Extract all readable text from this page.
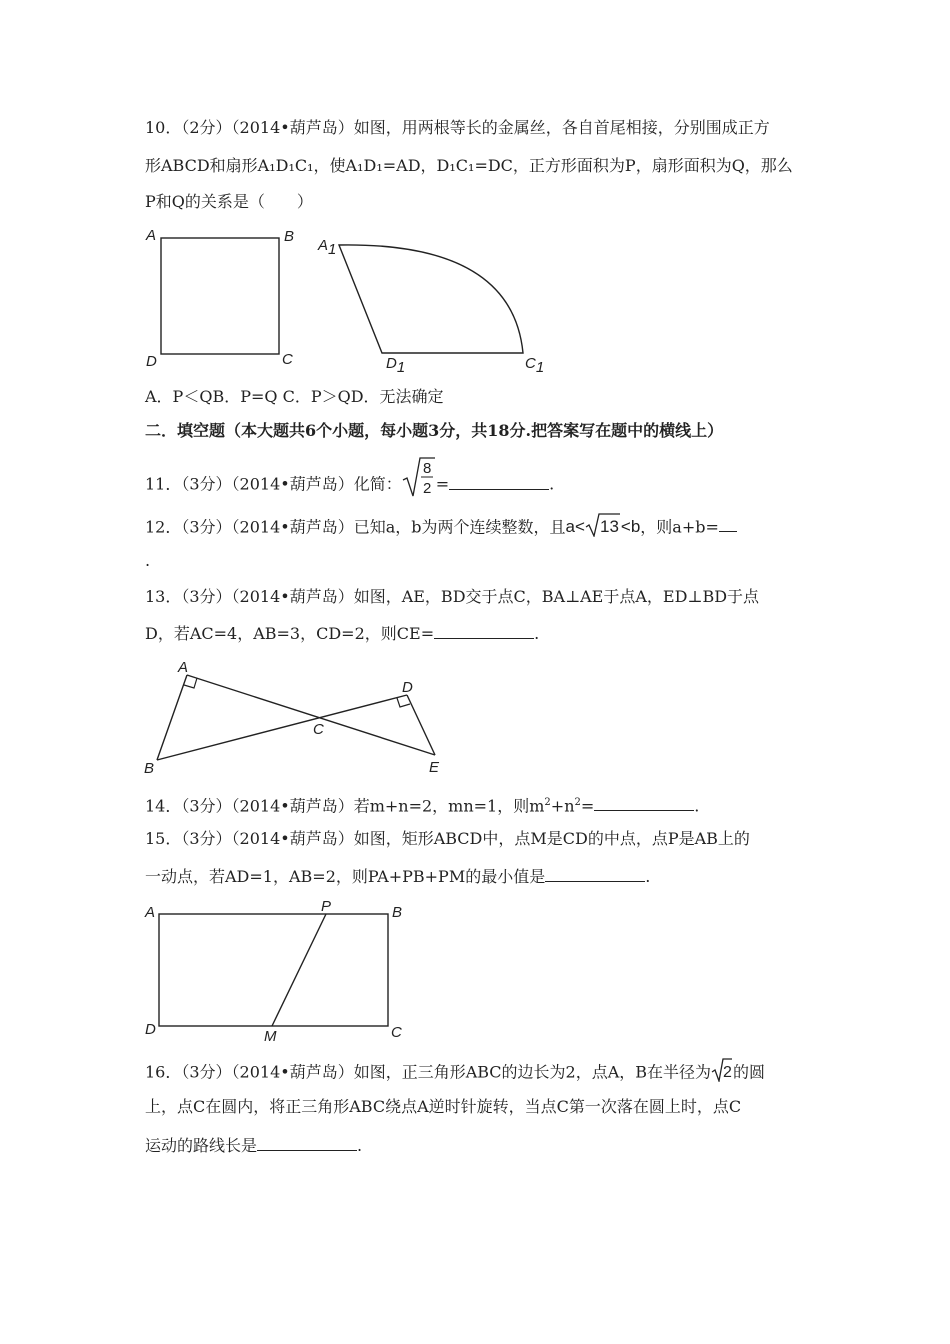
10．（2分）（2014•葫芦岛）如图，用两根等长的金属丝，各自首尾相接，分别围成正方
形ABCD和扇形A₁D₁C₁，使A₁D₁=AD，D₁C₁=DC，正方形面积为P，扇形面积为Q，那么
P和Q的关系是（　　）
A	B
D	C
A1
D1	C1
A．P＜QB．P=Q C．P＞QD．无法确定
二．填空题（本大题共6个小题，每小题3分，共18分.把答案写在题中的横线上）
11．（3分）（2014•葫芦岛）化简：
8
2 =	.
12．（3分）（2014•葫芦岛）已知a，b为两个连续整数，且a< 13 <b，则a+b=
.
13．（3分）（2014•葫芦岛）如图，AE，BD交于点C，BA⊥AE于点A，ED⊥BD于点
D，若AC=4，AB=3，CD=2，则CE=	.
A
B
C
D
E
14．（3分）（2014•葫芦岛）若m+n=2，mn=1，则$m^2+n^2=$	.
15．（3分）（2014•葫芦岛）如图，矩形ABCD中，点M是CD的中点，点P是AB上的
一动点，若AD=1，AB=2，则PA+PB+PM的最小值是	.
A	B
P
D	M	C
16．（3分）（2014•葫芦岛）如图，正三角形ABC的边长为2，点A，B在半径为 2 的圆
上，点C在圆内，将正三角形ABC绕点A逆时针旋转，当点C第一次落在圆上时，点C
运动的路线长是	.
